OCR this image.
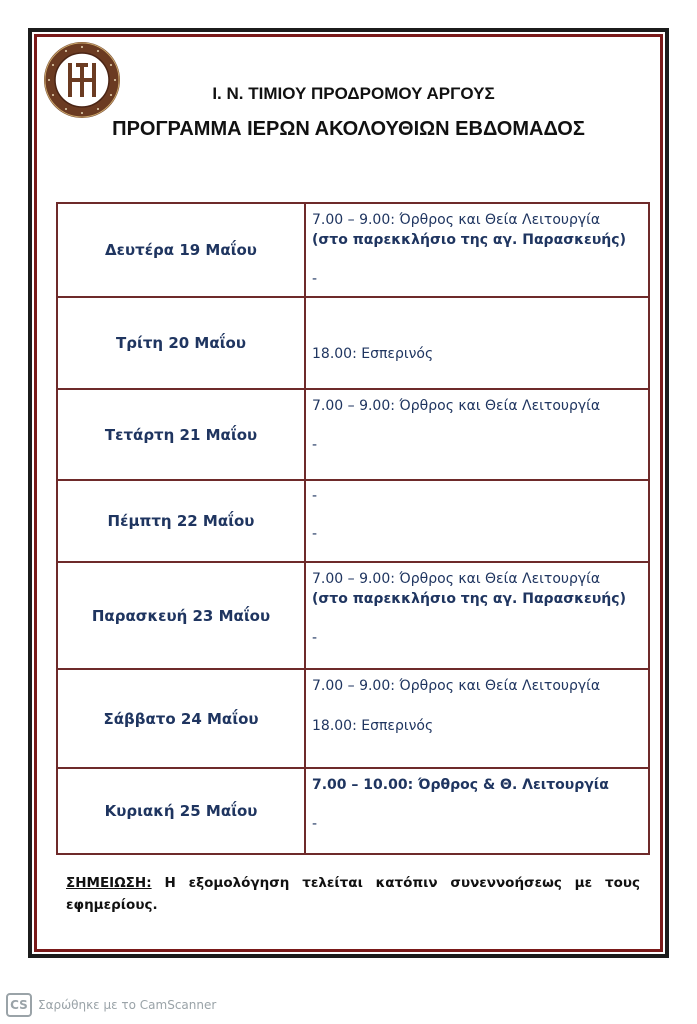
Ι. Ν. ΤΙΜΙΟΥ ΠΡΟΔΡΟΜΟΥ ΑΡΓΟΥΣ
ΠΡΟΓΡΑΜΜΑ ΙΕΡΩΝ ΑΚΟΛΟΥΘΙΩΝ ΕΒΔΟΜΑΔΟΣ
Δευτέρα 19 Μαΐου	7.00 – 9.00: Όρθρος και Θεία Λειτουργία
(στο παρεκκλήσιο της αγ. Παρασκευής)

-

Τρίτη 20 Μαΐου	18.00: Εσπερινός

Τετάρτη 21 Μαΐου	7.00 – 9.00: Όρθρος και Θεία Λειτουργία

-

Πέμπτη 22 Μαΐου	-

-

Παρασκευή 23 Μαΐου	7.00 – 9.00: Όρθρος και Θεία Λειτουργία
(στο παρεκκλήσιο της αγ. Παρασκευής)

-

Σάββατο 24 Μαΐου	7.00 – 9.00: Όρθρος και Θεία Λειτουργία

18.00: Εσπερινός

Κυριακή 25 Μαΐου	7.00 – 10.00: Όρθρος & Θ. Λειτουργία

-
ΣΗΜΕΙΩΣΗ: Η εξομολόγηση τελείται κατόπιν συνεννοήσεως με τους εφημερίους.
CS Σαρώθηκε με το CamScanner
